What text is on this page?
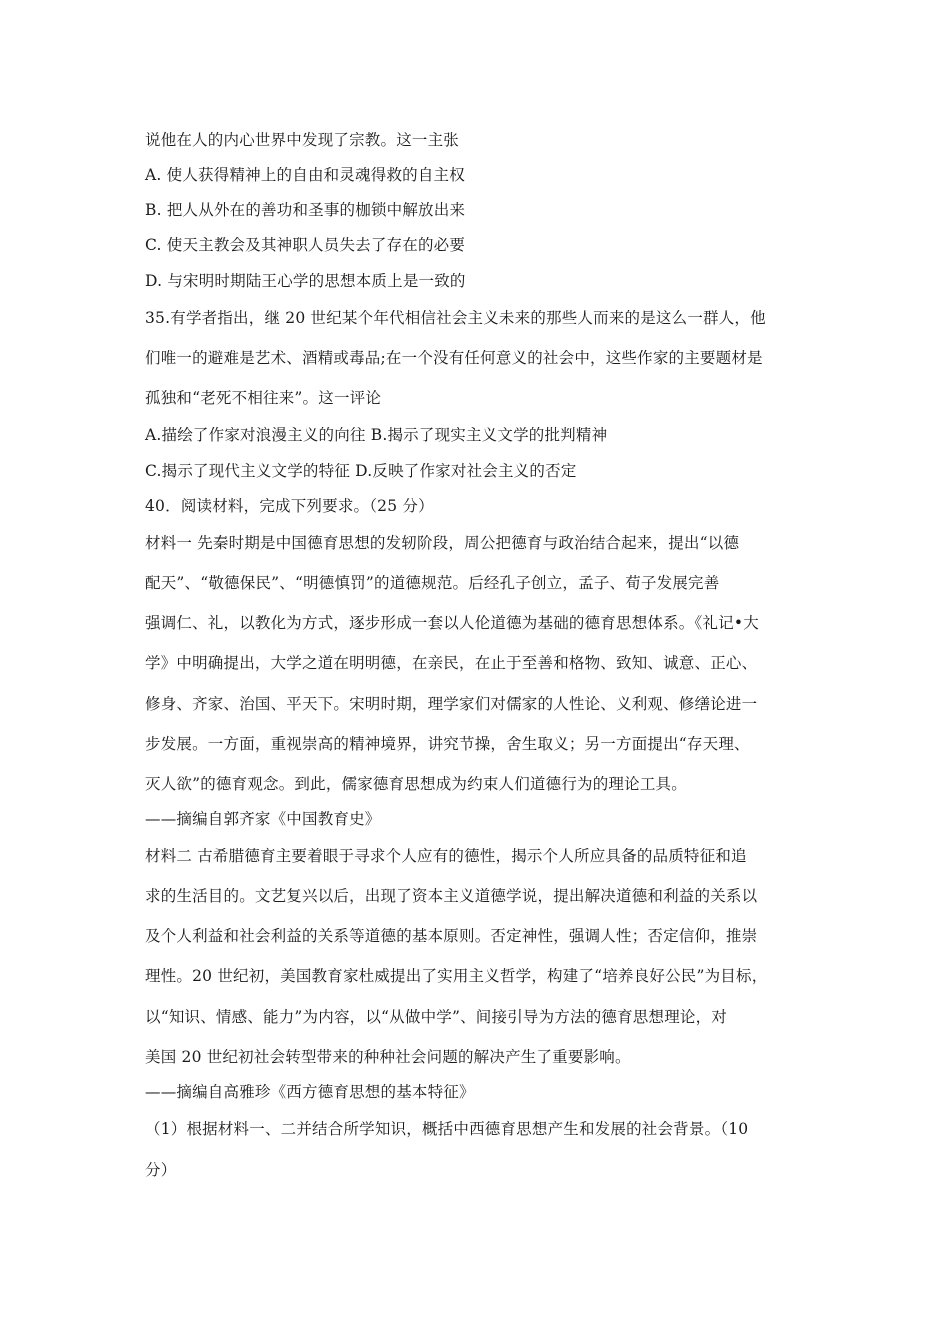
说他在人的内心世界中发现了宗教。这一主张
A. 使人获得精神上的自由和灵魂得救的自主权
B. 把人从外在的善功和圣事的枷锁中解放出来
C. 使天主教会及其神职人员失去了存在的必要
D. 与宋明时期陆王心学的思想本质上是一致的
35.有学者指出，继 20 世纪某个年代相信社会主义未来的那些人而来的是这么一群人，他
们唯一的避难是艺术、酒精或毒品;在一个没有任何意义的社会中，这些作家的主要题材是
孤独和“老死不相往来”。这一评论
A.描绘了作家对浪漫主义的向往 B.揭示了现实主义文学的批判精神
C.揭示了现代主义文学的特征 D.反映了作家对社会主义的否定
40．阅读材料，完成下列要求。（25 分）
材料一 先秦时期是中国德育思想的发轫阶段，周公把德育与政治结合起来，提出“以德
配天”、“敬德保民”、“明德慎罚”的道德规范。后经孔子创立，孟子、荀子发展完善
强调仁、礼，以教化为方式，逐步形成一套以人伦道德为基础的德育思想体系。《礼记•大
学》中明确提出，大学之道在明明德，在亲民，在止于至善和格物、致知、诚意、正心、
修身、齐家、治国、平天下。宋明时期，理学家们对儒家的人性论、义利观、修缮论进一
步发展。一方面，重视崇高的精神境界，讲究节操，舍生取义；另一方面提出“存天理、
灭人欲”的德育观念。到此，儒家德育思想成为约束人们道德行为的理论工具。
——摘编自郭齐家《中国教育史》
材料二 古希腊德育主要着眼于寻求个人应有的德性，揭示个人所应具备的品质特征和追
求的生活目的。文艺复兴以后，出现了资本主义道德学说，提出解决道德和利益的关系以
及个人利益和社会利益的关系等道德的基本原则。否定神性，强调人性；否定信仰，推崇
理性。20 世纪初，美国教育家杜威提出了实用主义哲学，构建了“培养良好公民”为目标，
以“知识、情感、能力”为内容，以“从做中学”、间接引导为方法的德育思想理论，对
美国 20 世纪初社会转型带来的种种社会问题的解决产生了重要影响。
——摘编自高雅珍《西方德育思想的基本特征》
（1）根据材料一、二并结合所学知识，概括中西德育思想产生和发展的社会背景。（10
分）
